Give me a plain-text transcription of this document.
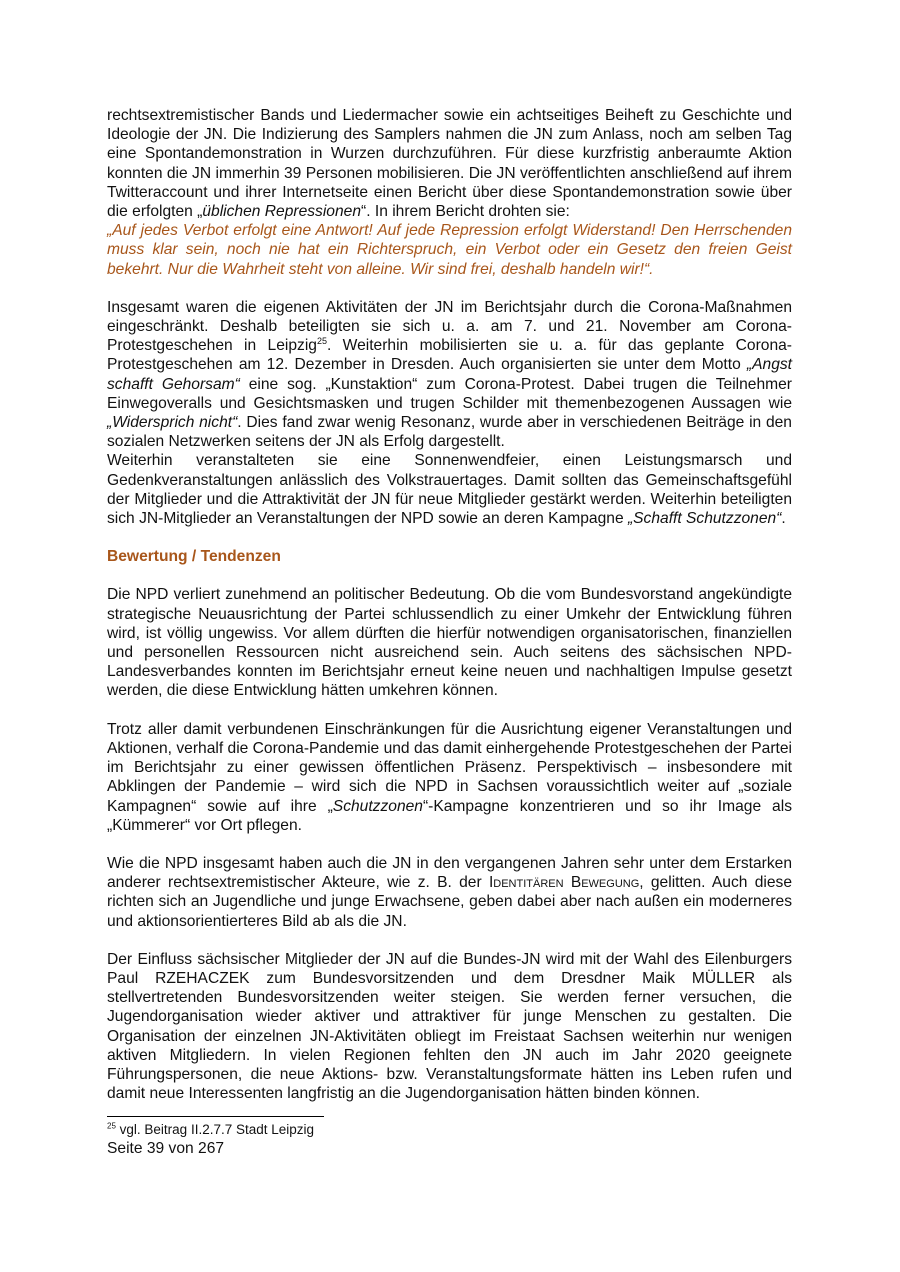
rechtsextremistischer Bands und Liedermacher sowie ein achtseitiges Beiheft zu Geschichte und Ideologie der JN. Die Indizierung des Samplers nahmen die JN zum Anlass, noch am selben Tag eine Spontandemonstration in Wurzen durchzuführen. Für diese kurzfristig anberaumte Aktion konnten die JN immerhin 39 Personen mobilisieren. Die JN veröffentlichten anschließend auf ihrem Twitteraccount und ihrer Internetseite einen Bericht über diese Spontandemonstration sowie über die erfolgten „üblichen Repressionen“. In ihrem Bericht drohten sie:

„Auf jedes Verbot erfolgt eine Antwort! Auf jede Repression erfolgt Widerstand! Den Herrschenden muss klar sein, noch nie hat ein Richterspruch, ein Verbot oder ein Gesetz den freien Geist bekehrt. Nur die Wahrheit steht von alleine. Wir sind frei, deshalb handeln wir!“.

Insgesamt waren die eigenen Aktivitäten der JN im Berichtsjahr durch die Corona-Maßnahmen eingeschränkt. Deshalb beteiligten sie sich u. a. am 7. und 21. November am Corona-Protestgeschehen in Leipzig$^{25}$. Weiterhin mobilisierten sie u. a. für das geplante Corona-Protestgeschehen am 12. Dezember in Dresden. Auch organisierten sie unter dem Motto „Angst schafft Gehorsam“ eine sog. „Kunstaktion“ zum Corona-Protest. Dabei trugen die Teilnehmer Einwegoveralls und Gesichtsmasken und trugen Schilder mit themenbezogenen Aussagen wie „Widersprich nicht“. Dies fand zwar wenig Resonanz, wurde aber in verschiedenen Beiträge in den sozialen Netzwerken seitens der JN als Erfolg dargestellt.

Weiterhin veranstalteten sie eine Sonnenwendfeier, einen Leistungsmarsch und Gedenkveranstaltungen anlässlich des Volkstrauertages. Damit sollten das Gemeinschaftsgefühl der Mitglieder und die Attraktivität der JN für neue Mitglieder gestärkt werden. Weiterhin beteiligten sich JN-Mitglieder an Veranstaltungen der NPD sowie an deren Kampagne „Schafft Schutzzonen“.

Bewertung / Tendenzen

Die NPD verliert zunehmend an politischer Bedeutung. Ob die vom Bundesvorstand angekündigte strategische Neuausrichtung der Partei schlussendlich zu einer Umkehr der Entwicklung führen wird, ist völlig ungewiss. Vor allem dürften die hierfür notwendigen organisatorischen, finanziellen und personellen Ressourcen nicht ausreichend sein. Auch seitens des sächsischen NPD-Landesverbandes konnten im Berichtsjahr erneut keine neuen und nachhaltigen Impulse gesetzt werden, die diese Entwicklung hätten umkehren können.

Trotz aller damit verbundenen Einschränkungen für die Ausrichtung eigener Veranstaltungen und Aktionen, verhalf die Corona-Pandemie und das damit einhergehende Protestgeschehen der Partei im Berichtsjahr zu einer gewissen öffentlichen Präsenz. Perspektivisch – insbesondere mit Abklingen der Pandemie – wird sich die NPD in Sachsen voraussichtlich weiter auf „soziale Kampagnen“ sowie auf ihre „Schutzzonen“-Kampagne konzentrieren und so ihr Image als „Kümmerer“ vor Ort pflegen.

Wie die NPD insgesamt haben auch die JN in den vergangenen Jahren sehr unter dem Erstarken anderer rechtsextremistischer Akteure, wie z. B. der Identitären Bewegung, gelitten. Auch diese richten sich an Jugendliche und junge Erwachsene, geben dabei aber nach außen ein moderneres und aktionsorientierteres Bild ab als die JN.

Der Einfluss sächsischer Mitglieder der JN auf die Bundes-JN wird mit der Wahl des Eilenburgers Paul RZEHACZEK zum Bundesvorsitzenden und dem Dresdner Maik MÜLLER als stellvertretenden Bundesvorsitzenden weiter steigen. Sie werden ferner versuchen, die Jugendorganisation wieder aktiver und attraktiver für junge Menschen zu gestalten. Die Organisation der einzelnen JN-Aktivitäten obliegt im Freistaat Sachsen weiterhin nur wenigen aktiven Mitgliedern. In vielen Regionen fehlten den JN auch im Jahr 2020 geeignete Führungspersonen, die neue Aktions- bzw. Veranstaltungsformate hätten ins Leben rufen und damit neue Interessenten langfristig an die Jugendorganisation hätten binden können.

$^{25}$ vgl. Beitrag II.2.7.7 Stadt Leipzig
Seite 39 von 267
